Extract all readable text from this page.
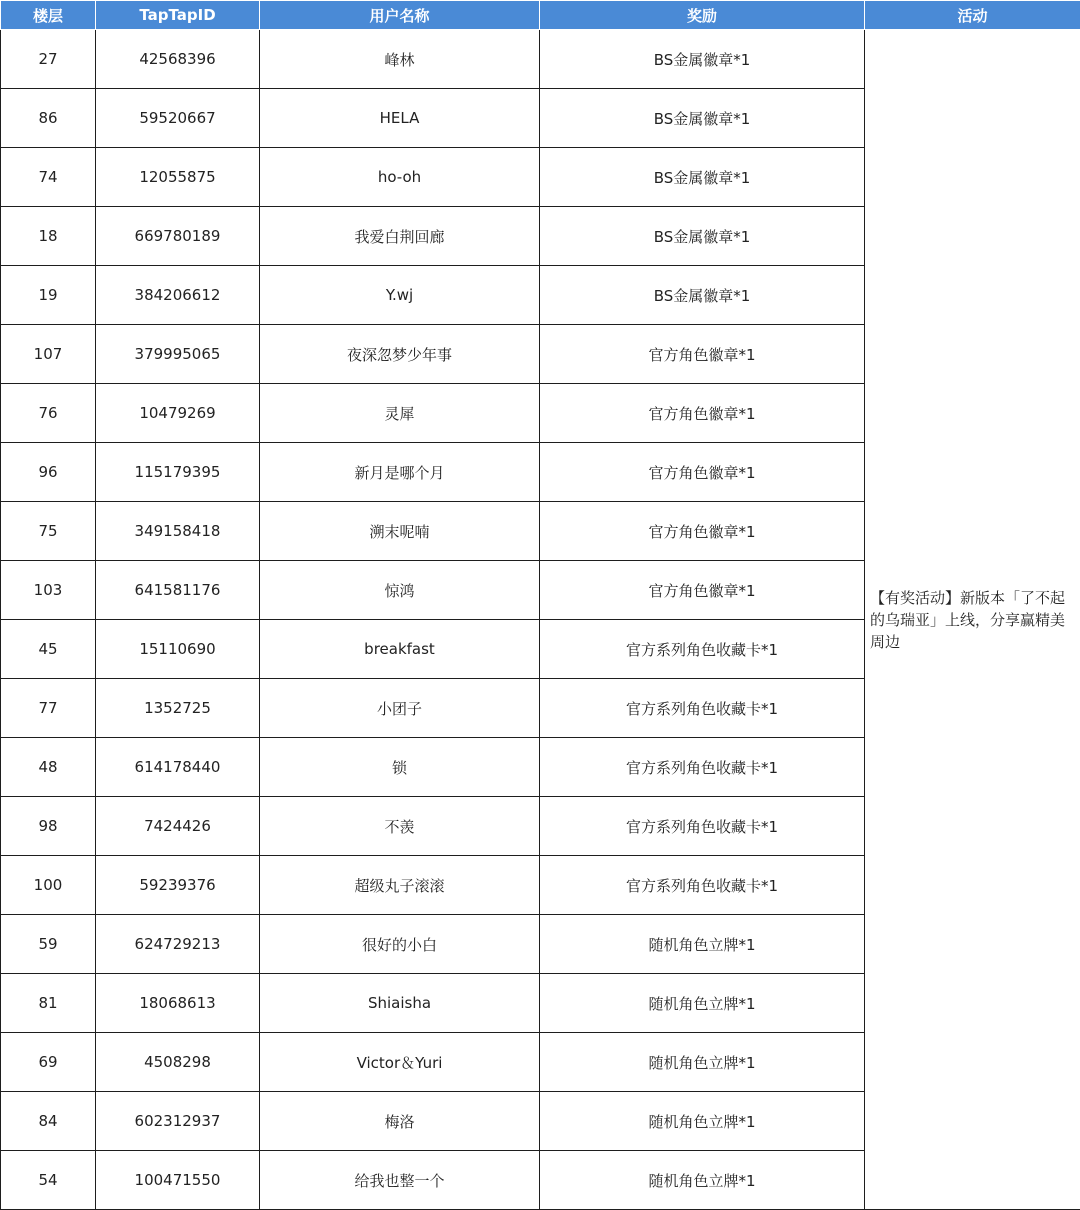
楼层	TapTapID	用户名称	奖励	活动
27	42568396	峰林	BS金属徽章*1	【有奖活动】新版本「了不起的乌瑞亚」上线，分享赢精美周边
86	59520667	HELA	BS金属徽章*1	
74	12055875	ho-oh	BS金属徽章*1	
18	669780189	我爱白荆回廊	BS金属徽章*1	
19	384206612	Y.wj	BS金属徽章*1	
107	379995065	夜深忽梦少年事	官方角色徽章*1	
76	10479269	灵犀	官方角色徽章*1	
96	115179395	新月是哪个月	官方角色徽章*1	
75	349158418	溯末呢喃	官方角色徽章*1	
103	641581176	惊鸿	官方角色徽章*1	
45	15110690	breakfast	官方系列角色收藏卡*1	
77	1352725	小团子	官方系列角色收藏卡*1	
48	614178440	锁	官方系列角色收藏卡*1	
98	7424426	不羡	官方系列角色收藏卡*1	
100	59239376	超级丸子滚滚	官方系列角色收藏卡*1	
59	624729213	很好的小白	随机角色立牌*1	
81	18068613	Shiaisha	随机角色立牌*1	
69	4508298	Victor＆Yuri	随机角色立牌*1	
84	602312937	梅洛	随机角色立牌*1	
54	100471550	给我也整一个	随机角色立牌*1	
